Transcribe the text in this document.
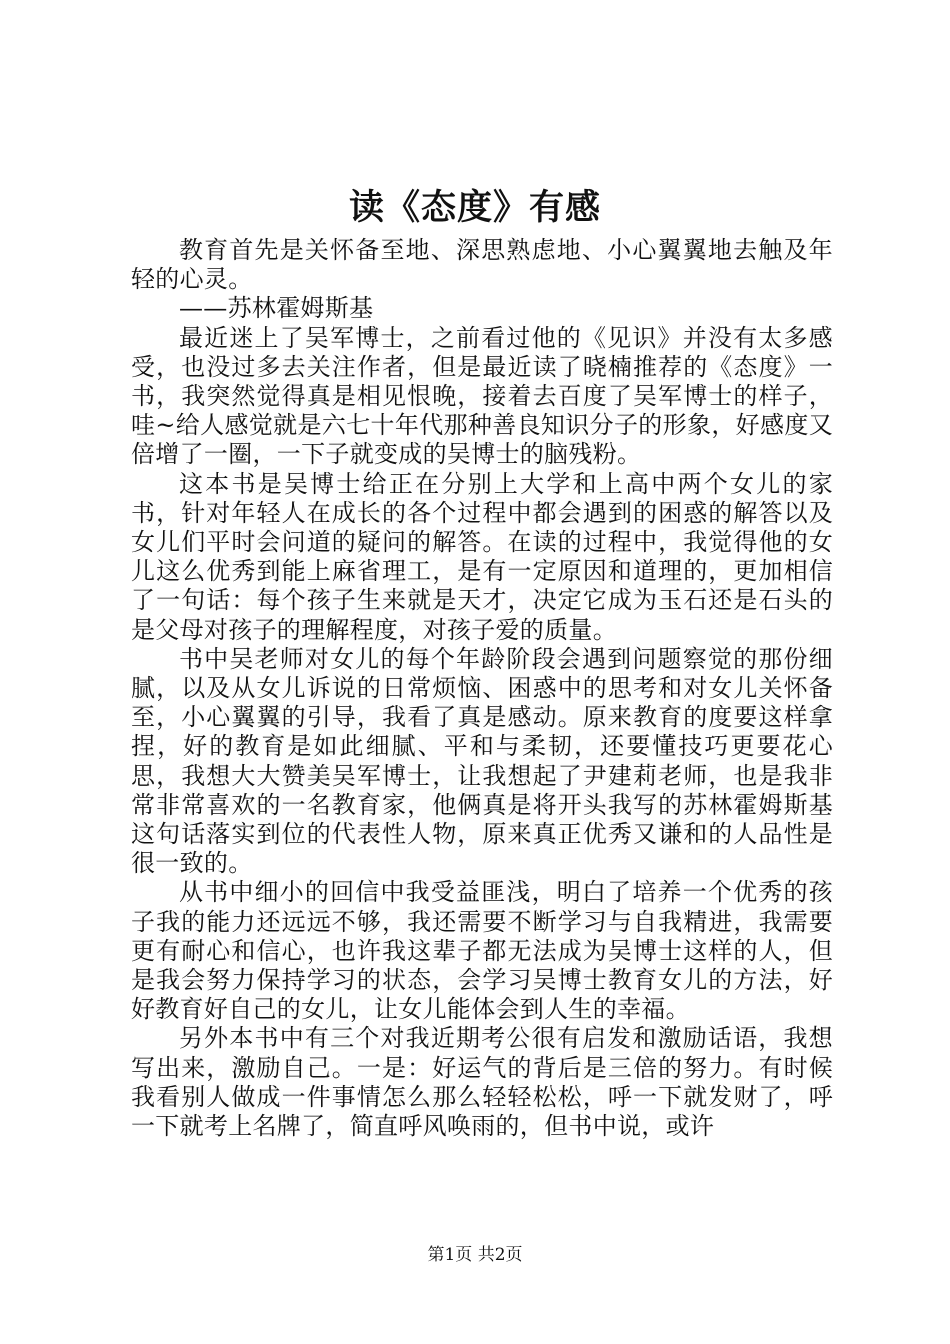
读《态度》有感

教育首先是关怀备至地、深思熟虑地、小心翼翼地去触及年轻的心灵。

——苏林霍姆斯基

最近迷上了吴军博士，之前看过他的《见识》并没有太多感受，也没过多去关注作者，但是最近读了晓楠推荐的《态度》一书，我突然觉得真是相见恨晚，接着去百度了吴军博士的样子，哇~给人感觉就是六七十年代那种善良知识分子的形象，好感度又倍增了一圈，一下子就变成的吴博士的脑残粉。

这本书是吴博士给正在分别上大学和上高中两个女儿的家书，针对年轻人在成长的各个过程中都会遇到的困惑的解答以及女儿们平时会问道的疑问的解答。在读的过程中，我觉得他的女儿这么优秀到能上麻省理工，是有一定原因和道理的，更加相信了一句话：每个孩子生来就是天才，决定它成为玉石还是石头的是父母对孩子的理解程度，对孩子爱的质量。

书中吴老师对女儿的每个年龄阶段会遇到问题察觉的那份细腻，以及从女儿诉说的日常烦恼、困惑中的思考和对女儿关怀备至，小心翼翼的引导，我看了真是感动。原来教育的度要这样拿捏，好的教育是如此细腻、平和与柔韧，还要懂技巧更要花心思，我想大大赞美吴军博士，让我想起了尹建莉老师，也是我非常非常喜欢的一名教育家，他俩真是将开头我写的苏林霍姆斯基这句话落实到位的代表性人物，原来真正优秀又谦和的人品性是很一致的。

从书中细小的回信中我受益匪浅，明白了培养一个优秀的孩子我的能力还远远不够，我还需要不断学习与自我精进，我需要更有耐心和信心，也许我这辈子都无法成为吴博士这样的人，但是我会努力保持学习的状态，会学习吴博士教育女儿的方法，好好教育好自己的女儿，让女儿能体会到人生的幸福。

另外本书中有三个对我近期考公很有启发和激励话语，我想写出来，激励自己。一是：好运气的背后是三倍的努力。有时候我看别人做成一件事情怎么那么轻轻松松，呼一下就发财了，呼一下就考上名牌了，简直呼风唤雨的，但书中说，或许

第1页 共2页
